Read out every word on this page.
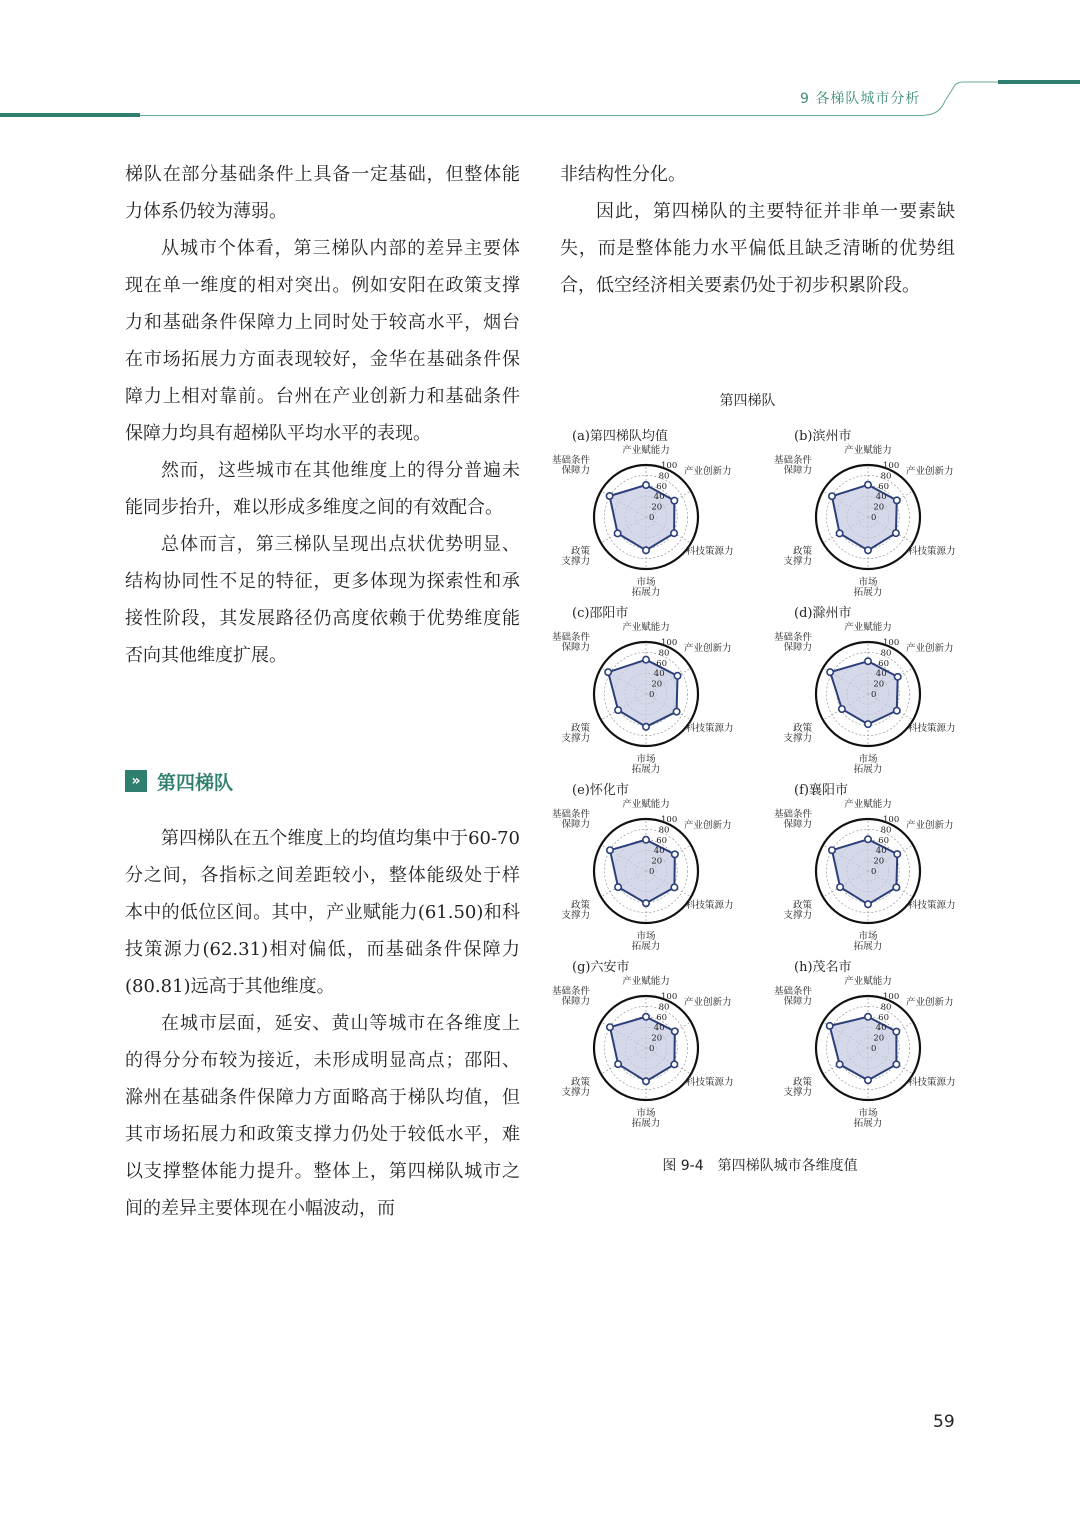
9 各梯队城市分析

梯队在部分基础条件上具备一定基础，但整体能力体系仍较为薄弱。

从城市个体看，第三梯队内部的差异主要体现在单一维度的相对突出。例如安阳在政策支撑力和基础条件保障力上同时处于较高水平，烟台在市场拓展力方面表现较好，金华在基础条件保障力上相对靠前。台州在产业创新力和基础条件保障力均具有超梯队平均水平的表现。

然而，这些城市在其他维度上的得分普遍未能同步抬升，难以形成多维度之间的有效配合。

总体而言，第三梯队呈现出点状优势明显、结构协同性不足的特征，更多体现为探索性和承接性阶段，其发展路径仍高度依赖于优势维度能否向其他维度扩展。

» 第四梯队

第四梯队在五个维度上的均值均集中于60-70分之间，各指标之间差距较小，整体能级处于样本中的低位区间。其中，产业赋能力(61.50)和科技策源力(62.31)相对偏低，而基础条件保障力(80.81)远高于其他维度。

在城市层面，延安、黄山等城市在各维度上的得分分布较为接近，未形成明显高点；邵阳、滁州在基础条件保障力方面略高于梯队均值，但其市场拓展力和政策支撑力仍处于较低水平，难以支撑整体能力提升。整体上，第四梯队城市之间的差异主要体现在小幅波动，而

非结构性分化。

因此，第四梯队的主要特征并非单一要素缺失，而是整体能力水平偏低且缺乏清晰的优势组合，低空经济相关要素仍处于初步积累阶段。

第四梯队
(a)第四梯队均值
0
20
40
60
80
100
产业赋能力
产业创新力
科技策源力
市场拓展力
政策支撑力
基础条件保障力
(b)滨州市
0
20
40
60
80
100
产业赋能力
产业创新力
科技策源力
市场拓展力
政策支撑力
基础条件保障力
(c)邵阳市
0
20
40
60
80
100
产业赋能力
产业创新力
科技策源力
市场拓展力
政策支撑力
基础条件保障力
(d)滁州市
0
20
40
60
80
100
产业赋能力
产业创新力
科技策源力
市场拓展力
政策支撑力
基础条件保障力
(e)怀化市
0
20
40
60
80
100
产业赋能力
产业创新力
科技策源力
市场拓展力
政策支撑力
基础条件保障力
(f)襄阳市
0
20
40
60
80
100
产业赋能力
产业创新力
科技策源力
市场拓展力
政策支撑力
基础条件保障力
(g)六安市
0
20
40
60
80
100
产业赋能力
产业创新力
科技策源力
市场拓展力
政策支撑力
基础条件保障力
(h)茂名市
0
20
40
60
80
100
产业赋能力
产业创新力
科技策源力
市场拓展力
政策支撑力
基础条件保障力
图 9-4　第四梯队城市各维度值
59
